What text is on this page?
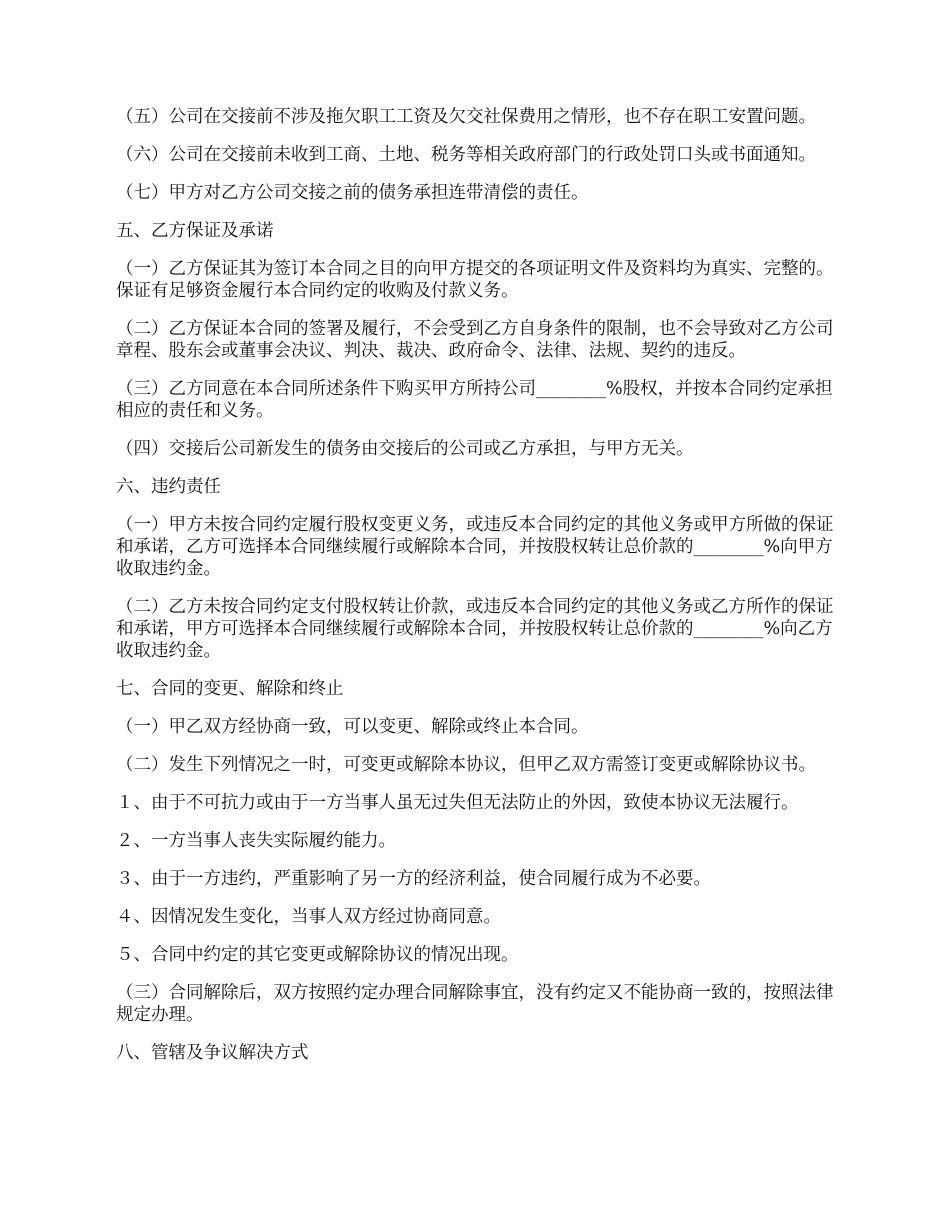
（五）公司在交接前不涉及拖欠职工工资及欠交社保费用之情形，也不存在职工安置问题。

（六）公司在交接前未收到工商、土地、税务等相关政府部门的行政处罚口头或书面通知。

（七）甲方对乙方公司交接之前的债务承担连带清偿的责任。

五、乙方保证及承诺

（一）乙方保证其为签订本合同之目的向甲方提交的各项证明文件及资料均为真实、完整的。保证有足够资金履行本合同约定的收购及付款义务。

（二）乙方保证本合同的签署及履行，不会受到乙方自身条件的限制，也不会导致对乙方公司章程、股东会或董事会决议、判决、裁决、政府命令、法律、法规、契约的违反。

（三）乙方同意在本合同所述条件下购买甲方所持公司________%股权，并按本合同约定承担相应的责任和义务。

（四）交接后公司新发生的债务由交接后的公司或乙方承担，与甲方无关。

六、违约责任

（一）甲方未按合同约定履行股权变更义务，或违反本合同约定的其他义务或甲方所做的保证和承诺，乙方可选择本合同继续履行或解除本合同，并按股权转让总价款的________%向甲方收取违约金。

（二）乙方未按合同约定支付股权转让价款，或违反本合同约定的其他义务或乙方所作的保证和承诺，甲方可选择本合同继续履行或解除本合同，并按股权转让总价款的________%向乙方收取违约金。

七、合同的变更、解除和终止

（一）甲乙双方经协商一致，可以变更、解除或终止本合同。

（二）发生下列情况之一时，可变更或解除本协议，但甲乙双方需签订变更或解除协议书。

１、由于不可抗力或由于一方当事人虽无过失但无法防止的外因，致使本协议无法履行。

２、一方当事人丧失实际履约能力。

３、由于一方违约，严重影响了另一方的经济利益，使合同履行成为不必要。

４、因情况发生变化，当事人双方经过协商同意。

５、合同中约定的其它变更或解除协议的情况出现。

（三）合同解除后，双方按照约定办理合同解除事宜，没有约定又不能协商一致的，按照法律规定办理。

八、管辖及争议解决方式
